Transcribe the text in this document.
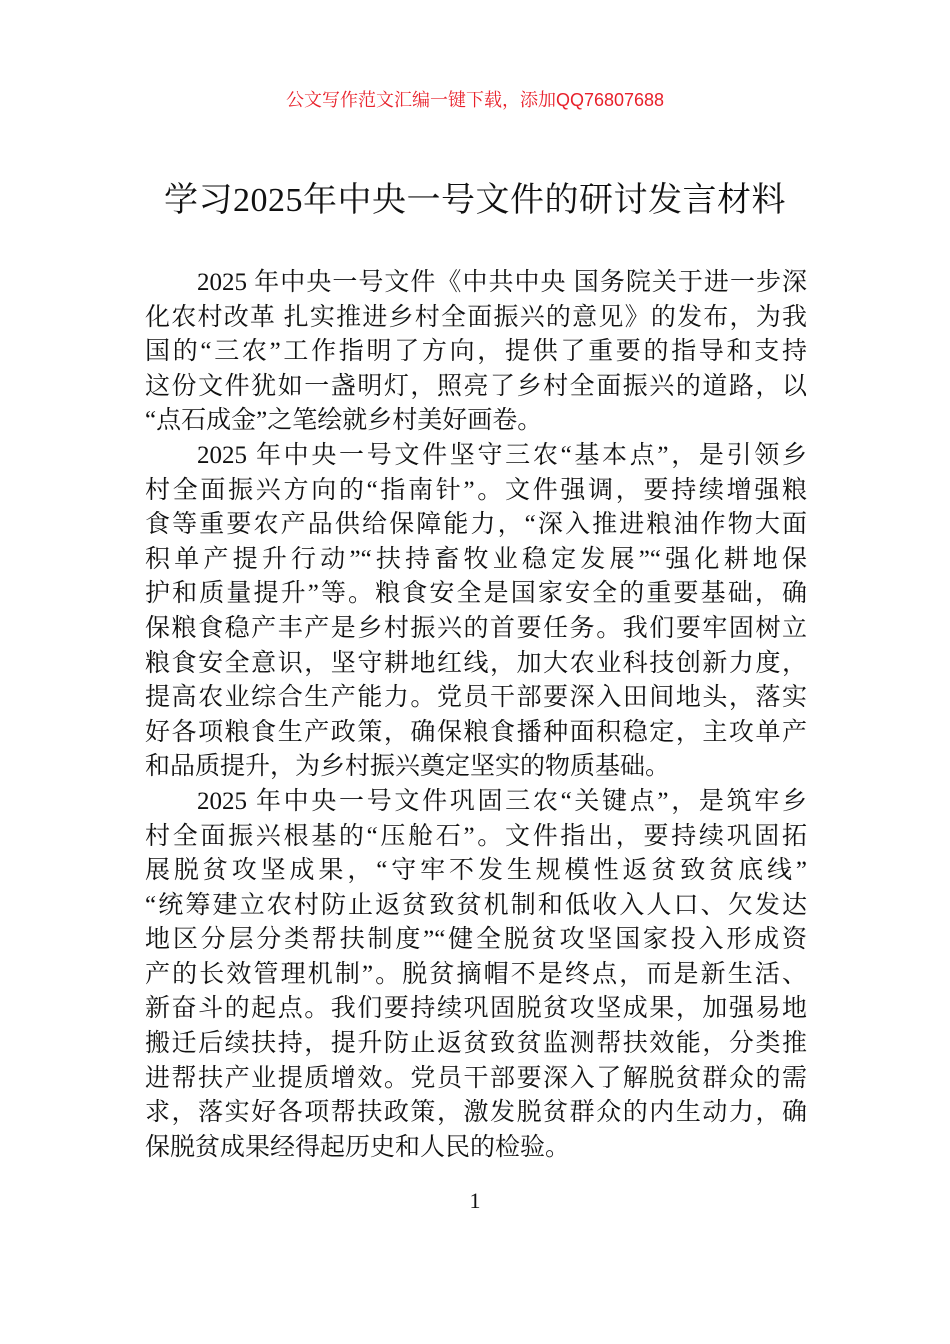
公文写作范文汇编一键下载，添加QQ76807688
学习2025年中央一号文件的研讨发言材料
2025 年中央一号文件《中共中央 国务院关于进一步深
化农村改革 扎实推进乡村全面振兴的意见》的发布，为我
国的“三农”工作指明了方向，提供了重要的指导和支持
这份文件犹如一盏明灯，照亮了乡村全面振兴的道路，以
“点石成金”之笔绘就乡村美好画卷。
2025 年中央一号文件坚守三农“基本点”，是引领乡
村全面振兴方向的“指南针”。文件强调，要持续增强粮
食等重要农产品供给保障能力，“深入推进粮油作物大面
积单产提升行动”“扶持畜牧业稳定发展”“强化耕地保
护和质量提升”等。粮食安全是国家安全的重要基础，确
保粮食稳产丰产是乡村振兴的首要任务。我们要牢固树立
粮食安全意识，坚守耕地红线，加大农业科技创新力度，
提高农业综合生产能力。党员干部要深入田间地头，落实
好各项粮食生产政策，确保粮食播种面积稳定，主攻单产
和品质提升，为乡村振兴奠定坚实的物质基础。
2025 年中央一号文件巩固三农“关键点”，是筑牢乡
村全面振兴根基的“压舱石”。文件指出，要持续巩固拓
展脱贫攻坚成果，“守牢不发生规模性返贫致贫底线”
“统筹建立农村防止返贫致贫机制和低收入人口、欠发达
地区分层分类帮扶制度”“健全脱贫攻坚国家投入形成资
产的长效管理机制”。脱贫摘帽不是终点，而是新生活、
新奋斗的起点。我们要持续巩固脱贫攻坚成果，加强易地
搬迁后续扶持，提升防止返贫致贫监测帮扶效能，分类推
进帮扶产业提质增效。党员干部要深入了解脱贫群众的需
求，落实好各项帮扶政策，激发脱贫群众的内生动力，确
保脱贫成果经得起历史和人民的检验。
1
